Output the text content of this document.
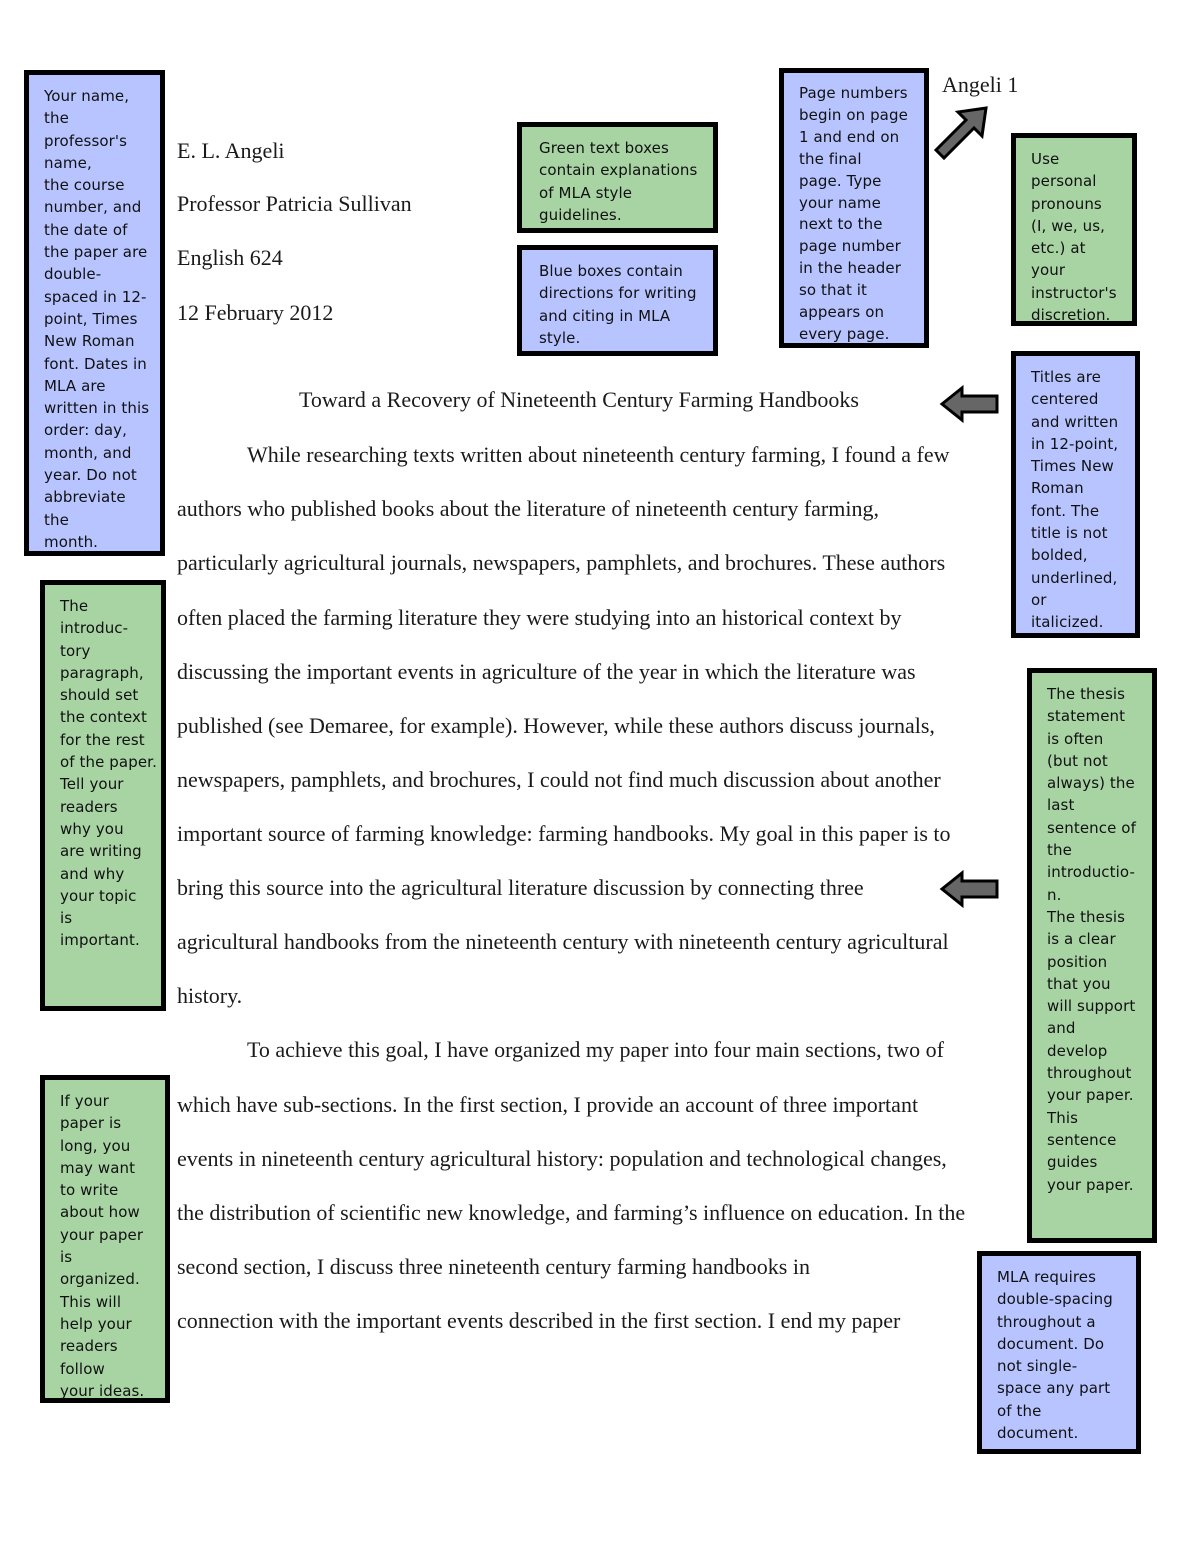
Angeli 1
E. L. Angeli
Professor Patricia Sullivan
English 624
12 February 2012
Toward a Recovery of Nineteenth Century Farming Handbooks
While researching texts written about nineteenth century farming, I found a few
authors who published books about the literature of nineteenth century farming,
particularly agricultural journals, newspapers, pamphlets, and brochures. These authors
often placed the farming literature they were studying into an historical context by
discussing the important events in agriculture of the year in which the literature was
published (see Demaree, for example). However, while these authors discuss journals,
newspapers, pamphlets, and brochures, I could not find much discussion about another
important source of farming knowledge: farming handbooks. My goal in this paper is to
bring this source into the agricultural literature discussion by connecting three
agricultural handbooks from the nineteenth century with nineteenth century agricultural
history.
To achieve this goal, I have organized my paper into four main sections, two of
which have sub-sections. In the first section, I provide an account of three important
events in nineteenth century agricultural history: population and technological changes,
the distribution of scientific new knowledge, and farming’s influence on education. In the
second section, I discuss three nineteenth century farming handbooks in
connection with the important events described in the first section. I end my paper

Your name,

the

professor's

name,

the course

number, and

the date of

the paper are

double-

spaced in 12-

point, Times

New Roman

font. Dates in

MLA are

written in this

order: day,

month, and

year. Do not

abbreviate the

month.

Green text boxes

contain explanations

of MLA style

guidelines.

Blue boxes contain

directions for writing

and citing in MLA

style.

Page numbers

begin on page

1 and end on

the final

page. Type

your name

next to the

page number

in the header

so that it

appears on

every page.

Use

personal

pronouns

(I, we, us,

etc.) at

your

instructor's

discretion.

Titles are

centered

and written

in 12-point,

Times New

Roman

font. The

title is not

bolded,

underlined,

or

italicized.

The

introduc-

tory

paragraph,

should set

the context

for the rest

of the paper.

Tell your

readers

why you

are writing

and why

your topic

is

important.

The thesis

statement

is often

(but not

always) the

last

sentence of

the

introductio-

n.

The thesis

is a clear

position

that you

will support

and

develop

throughout

your paper.

This

sentence

guides

your paper.

If your

paper is

long, you

may want

to write

about how

your paper

is

organized.

This will

help your

readers

follow

your ideas.

MLA requires

double-spacing

throughout a

document. Do

not single-

space any part

of the

document.
